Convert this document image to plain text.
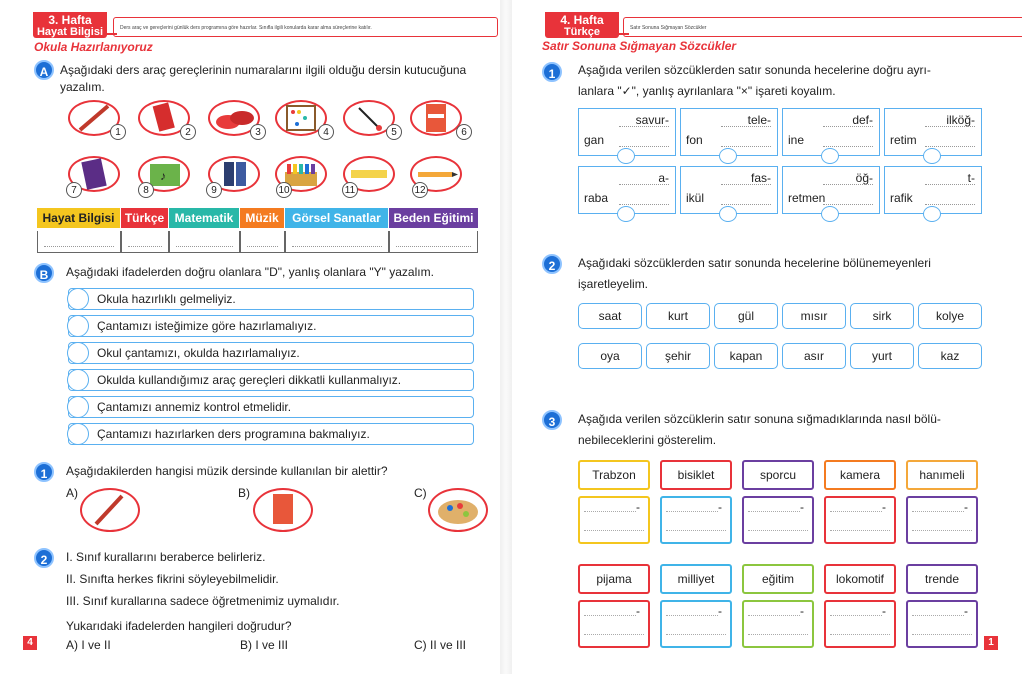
3. Hafta
Hayat Bilgisi	Ders araç ve gereçlerini günlük ders programına göre hazırlar. Sınıfla ilgili konularda karar alma süreçlerine katılır.
Okula Hazırlanıyoruz
A Aşağıdaki ders araç gereçlerinin numaralarını ilgili olduğu dersin kutucuğuna yazalım.
1	2	3	4	5	6
7
♪
8	9	10	11	12
Hayat Bilgisi Türkçe Matematik Müzik	Görsel Sanatlar	Beden Eğitimi
B	Aşağıdaki ifadelerden doğru olanlara "D", yanlış olanlara "Y" yazalım.
Okula hazırlıklı gelmeliyiz.
Çantamızı isteğimize göre hazırlamalıyız.
Okul çantamızı, okulda hazırlamalıyız.
Okulda kullandığımız araç gereçleri dikkatli kullanmalıyız.
Çantamızı annemiz kontrol etmelidir.
Çantamızı hazırlarken ders programına bakmalıyız.
1	Aşağıdakilerden hangisi müzik dersinde kullanılan bir alettir?
A)	B)	C)
2	I. Sınıf kurallarını beraberce belirleriz.
II. Sınıfta herkes fikrini söyleyebilmelidir.
III. Sınıf kurallarına sadece öğretmenimiz uymalıdır.
Yukarıdaki ifadelerden hangileri doğrudur?
A) I ve II	B) I ve III	C) II ve III
4
4. Hafta
Türkçe	Satır Sonuna Sığmayan Sözcükler
Satır Sonuna Sığmayan Sözcükler
1	Aşağıda verilen sözcüklerden satır sonunda hecelerine doğru ayrı-
lanlara "✓", yanlış ayrılanlara "×" işareti koyalım.
savur-
gan
tele-
fon
def-
ine
ilköğ-
retim
a-
raba
fas-
ikül
öğ-
retmen
t-
rafik
2	Aşağıdaki sözcüklerden satır sonunda hecelerine bölünemeyenleri
işaretleyelim.
saat	kurt	gül	mısır	sirk	kolye
oya	şehir	kapan	asır	yurt	kaz
3	Aşağıda verilen sözcüklerin satır sonuna sığmadıklarında nasıl bölü-
nebileceklerini gösterelim.
Trabzon	bisiklet	sporcu	kamera	hanımeli
-	-	-	-	-
pijama	milliyet	eğitim	lokomotif	trende
-	-	-	-	-
1
